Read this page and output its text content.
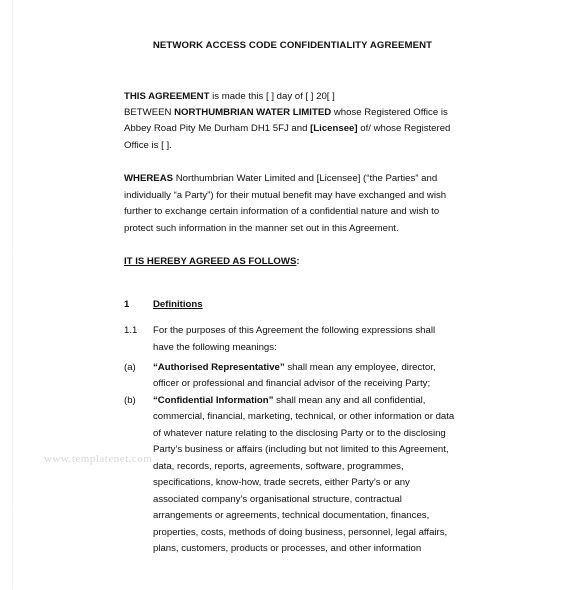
NETWORK ACCESS CODE CONFIDENTIALITY AGREEMENT
THIS AGREEMENT is made this [ ] day of [ ] 20[ ]
BETWEEN NORTHUMBRIAN WATER LIMITED whose Registered Office is
Abbey Road Pity Me Durham DH1 5FJ and [Licensee] of/ whose Registered
Office is [ ].
WHEREAS Northumbrian Water Limited and [Licensee] (“the Parties” and
individually “a Party”) for their mutual benefit may have exchanged and wish
further to exchange certain information of a confidential nature and wish to
protect such information in the manner set out in this Agreement.
IT IS HEREBY AGREED AS FOLLOWS:
1 Definitions
1.1 For the purposes of this Agreement the following expressions shall
have the following meanings:
(a) “Authorised Representative” shall mean any employee, director,
officer or professional and financial advisor of the receiving Party;
(b) “Confidential Information” shall mean any and all confidential,
commercial, financial, marketing, technical, or other information or data
of whatever nature relating to the disclosing Party or to the disclosing
Party’s business or affairs (including but not limited to this Agreement,
data, records, reports, agreements, software, programmes,
specifications, know-how, trade secrets, either Party’s or any
associated company’s organisational structure, contractual
arrangements or agreements, technical documentation, finances,
properties, costs, methods of doing business, personnel, legal affairs,
plans, customers, products or processes, and other information
www.templatenet.com
